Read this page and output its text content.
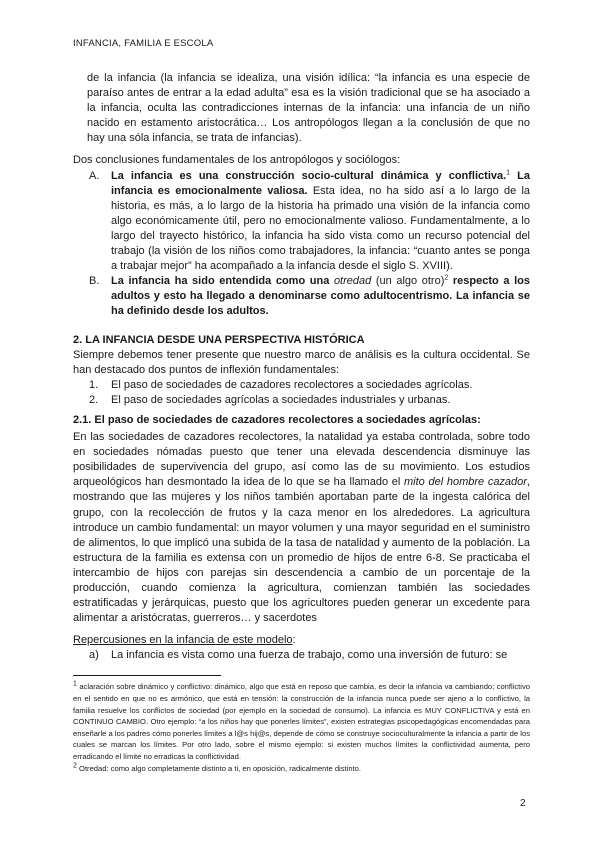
INFANCIA, FAMILIA E ESCOLA

de la infancia (la infancia se idealiza, una visión idílica: “la infancia es una especie de paraíso antes de entrar a la edad adulta” esa es la visión tradicional que se ha asociado a la infancia, oculta las contradicciones internas de la infancia: una infancia de un niño nacido en estamento aristocrática… Los antropólogos llegan a la conclusión de que no hay una sóla infancia, se trata de infancias).

Dos conclusiones fundamentales de los antropólogos y sociólogos:

A. La infancia es una construcción socio-cultural dinámica y conflictiva.$^1$ La infancia es emocionalmente valiosa. Esta idea, no ha sido así a lo largo de la historia, es más, a lo largo de la historia ha primado una visión de la infancia como algo económicamente útil, pero no emocionalmente valioso. Fundamentalmente, a lo largo del trayecto histórico, la infancia ha sido vista como un recurso potencial del trabajo (la visión de los niños como trabajadores, la infancia: “cuanto antes se ponga a trabajar mejor” ha acompañado a la infancia desde el siglo S. XVIII).
B. La infancia ha sido entendida como una otredad (un algo otro)$^2$ respecto a los adultos y esto ha llegado a denominarse como adultocentrismo. La infancia se ha definido desde los adultos.
2. LA INFANCIA DESDE UNA PERSPECTIVA HISTÓRICA

Siempre debemos tener presente que nuestro marco de análisis es la cultura occidental. Se han destacado dos puntos de inflexión fundamentales:

1. El paso de sociedades de cazadores recolectores a sociedades agrícolas.
2. El paso de sociedades agrícolas a sociedades industriales y urbanas.
2.1. El paso de sociedades de cazadores recolectores a sociedades agrícolas:

En las sociedades de cazadores recolectores, la natalidad ya estaba controlada, sobre todo en sociedades nómadas puesto que tener una elevada descendencia disminuye las posibilidades de supervivencia del grupo, así como las de su movimiento. Los estudios arqueológicos han desmontado la idea de lo que se ha llamado el mito del hombre cazador, mostrando que las mujeres y los niños también aportaban parte de la ingesta calórica del grupo, con la recolección de frutos y la caza menor en los alrededores. La agricultura introduce un cambio fundamental: un mayor volumen y una mayor seguridad en el suministro de alimentos, lo que implicó una subida de la tasa de natalidad y aumento de la población. La estructura de la familia es extensa con un promedio de hijos de entre 6-8. Se practicaba el intercambio de hijos con parejas sin descendencia a cambio de un porcentaje de la producción, cuando comienza la agricultura, comienzan también las sociedades estratificadas y jerárquicas, puesto que los agricultores pueden generar un excedente para alimentar a aristócratas, guerreros… y sacerdotes

Repercusiones en la infancia de este modelo:

a) La infancia es vista como una fuerza de trabajo, como una inversión de futuro: se

$^1$ aclaración sobre dinámico y conflictivo: dinámico, algo que está en reposo que cambia, es decir la infancia va cambiando; conflictivo en el sentido en que no es armónico, que está en tensión: la construcción de la infancia nunca puede ser ajeno a lo conflictivo, la familia resuelve los conflictos de sociedad (por ejemplo en la sociedad de consumo). La infancia es MUY CONFLICTIVA y está en CONTINUO CAMBIO. Otro ejemplo: “a los niños hay que ponerles límites”, existen estrategias psicopedagógicas encomendadas para enseñarle a los padres cómo ponerles límites a l@s hij@s, depende de cómo se construye socioculturalmente la infancia a partir de los cuales se marcan los límites. Por otro lado, sobre el mismo ejemplo: si existen muchos límites la conflictividad aumenta, pero erradicando el límite no erradicas la conflictividad.

$^2$ Otredad: como algo completamente distinto a ti, en oposición, radicalmente distinto.

2
